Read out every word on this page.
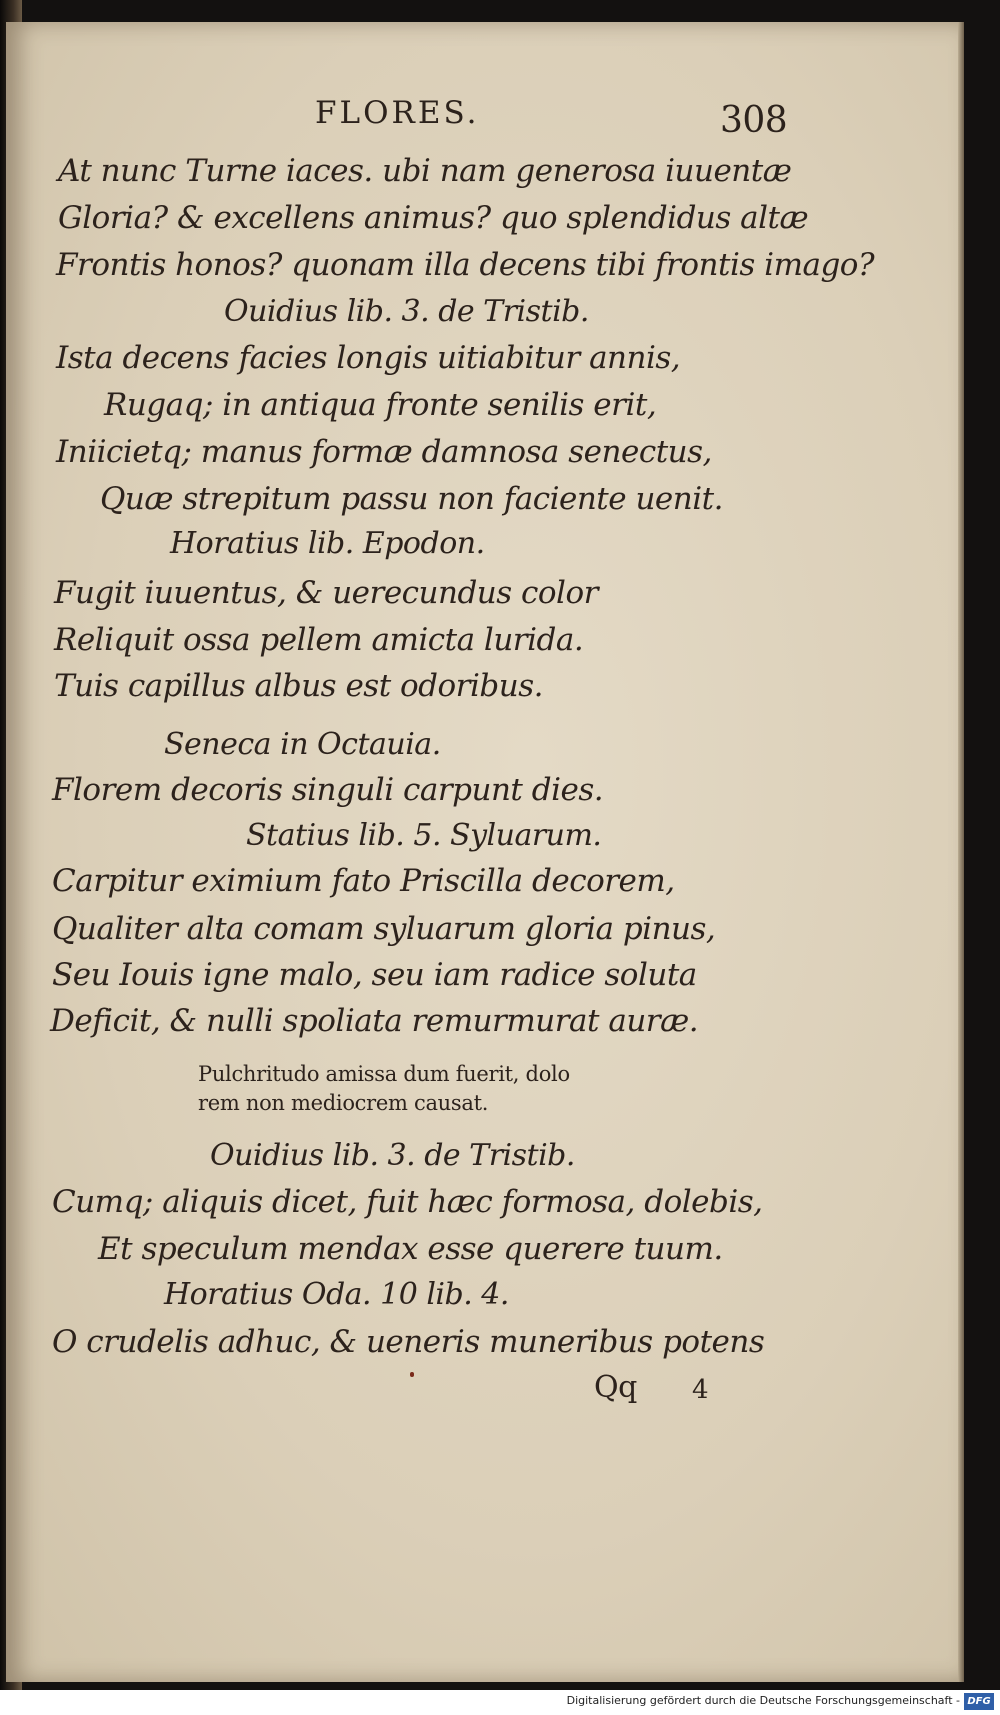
FLORES.	308
At nunc Turne iaces. ubi nam generosa iuuentæ
Gloria? & excellens animus? quo splendidus altæ
Frontis honos? quonam illa decens tibi frontis imago?
Ouidius lib. 3. de Tristib.
Ista decens facies longis uitiabitur annis,
Rugaq; in antiqua fronte senilis erit,
Iniicietq; manus formæ damnosa senectus,
Quæ strepitum passu non faciente uenit.
Horatius lib. Epodon.
Fugit iuuentus, & uerecundus color
Reliquit ossa pellem amicta lurida.
Tuis capillus albus est odoribus.
Seneca in Octauia.
Florem decoris singuli carpunt dies.
Statius lib. 5. Syluarum.
Carpitur eximium fato Priscilla decorem,
Qualiter alta comam syluarum gloria pinus,
Seu Iouis igne malo, seu iam radice soluta
Deficit, & nulli spoliata remurmurat auræ.
Pulchritudo amissa dum fuerit, dolo
rem non mediocrem causat.
Ouidius lib. 3. de Tristib.
Cumq; aliquis dicet, fuit hæc formosa, dolebis,
Et speculum mendax esse querere tuum.
Horatius Oda. 10 lib. 4.
O crudelis adhuc, & ueneris muneribus potens
Qq 4
Digitalisierung gefördert durch die Deutsche Forschungsgemeinschaft - DFG
